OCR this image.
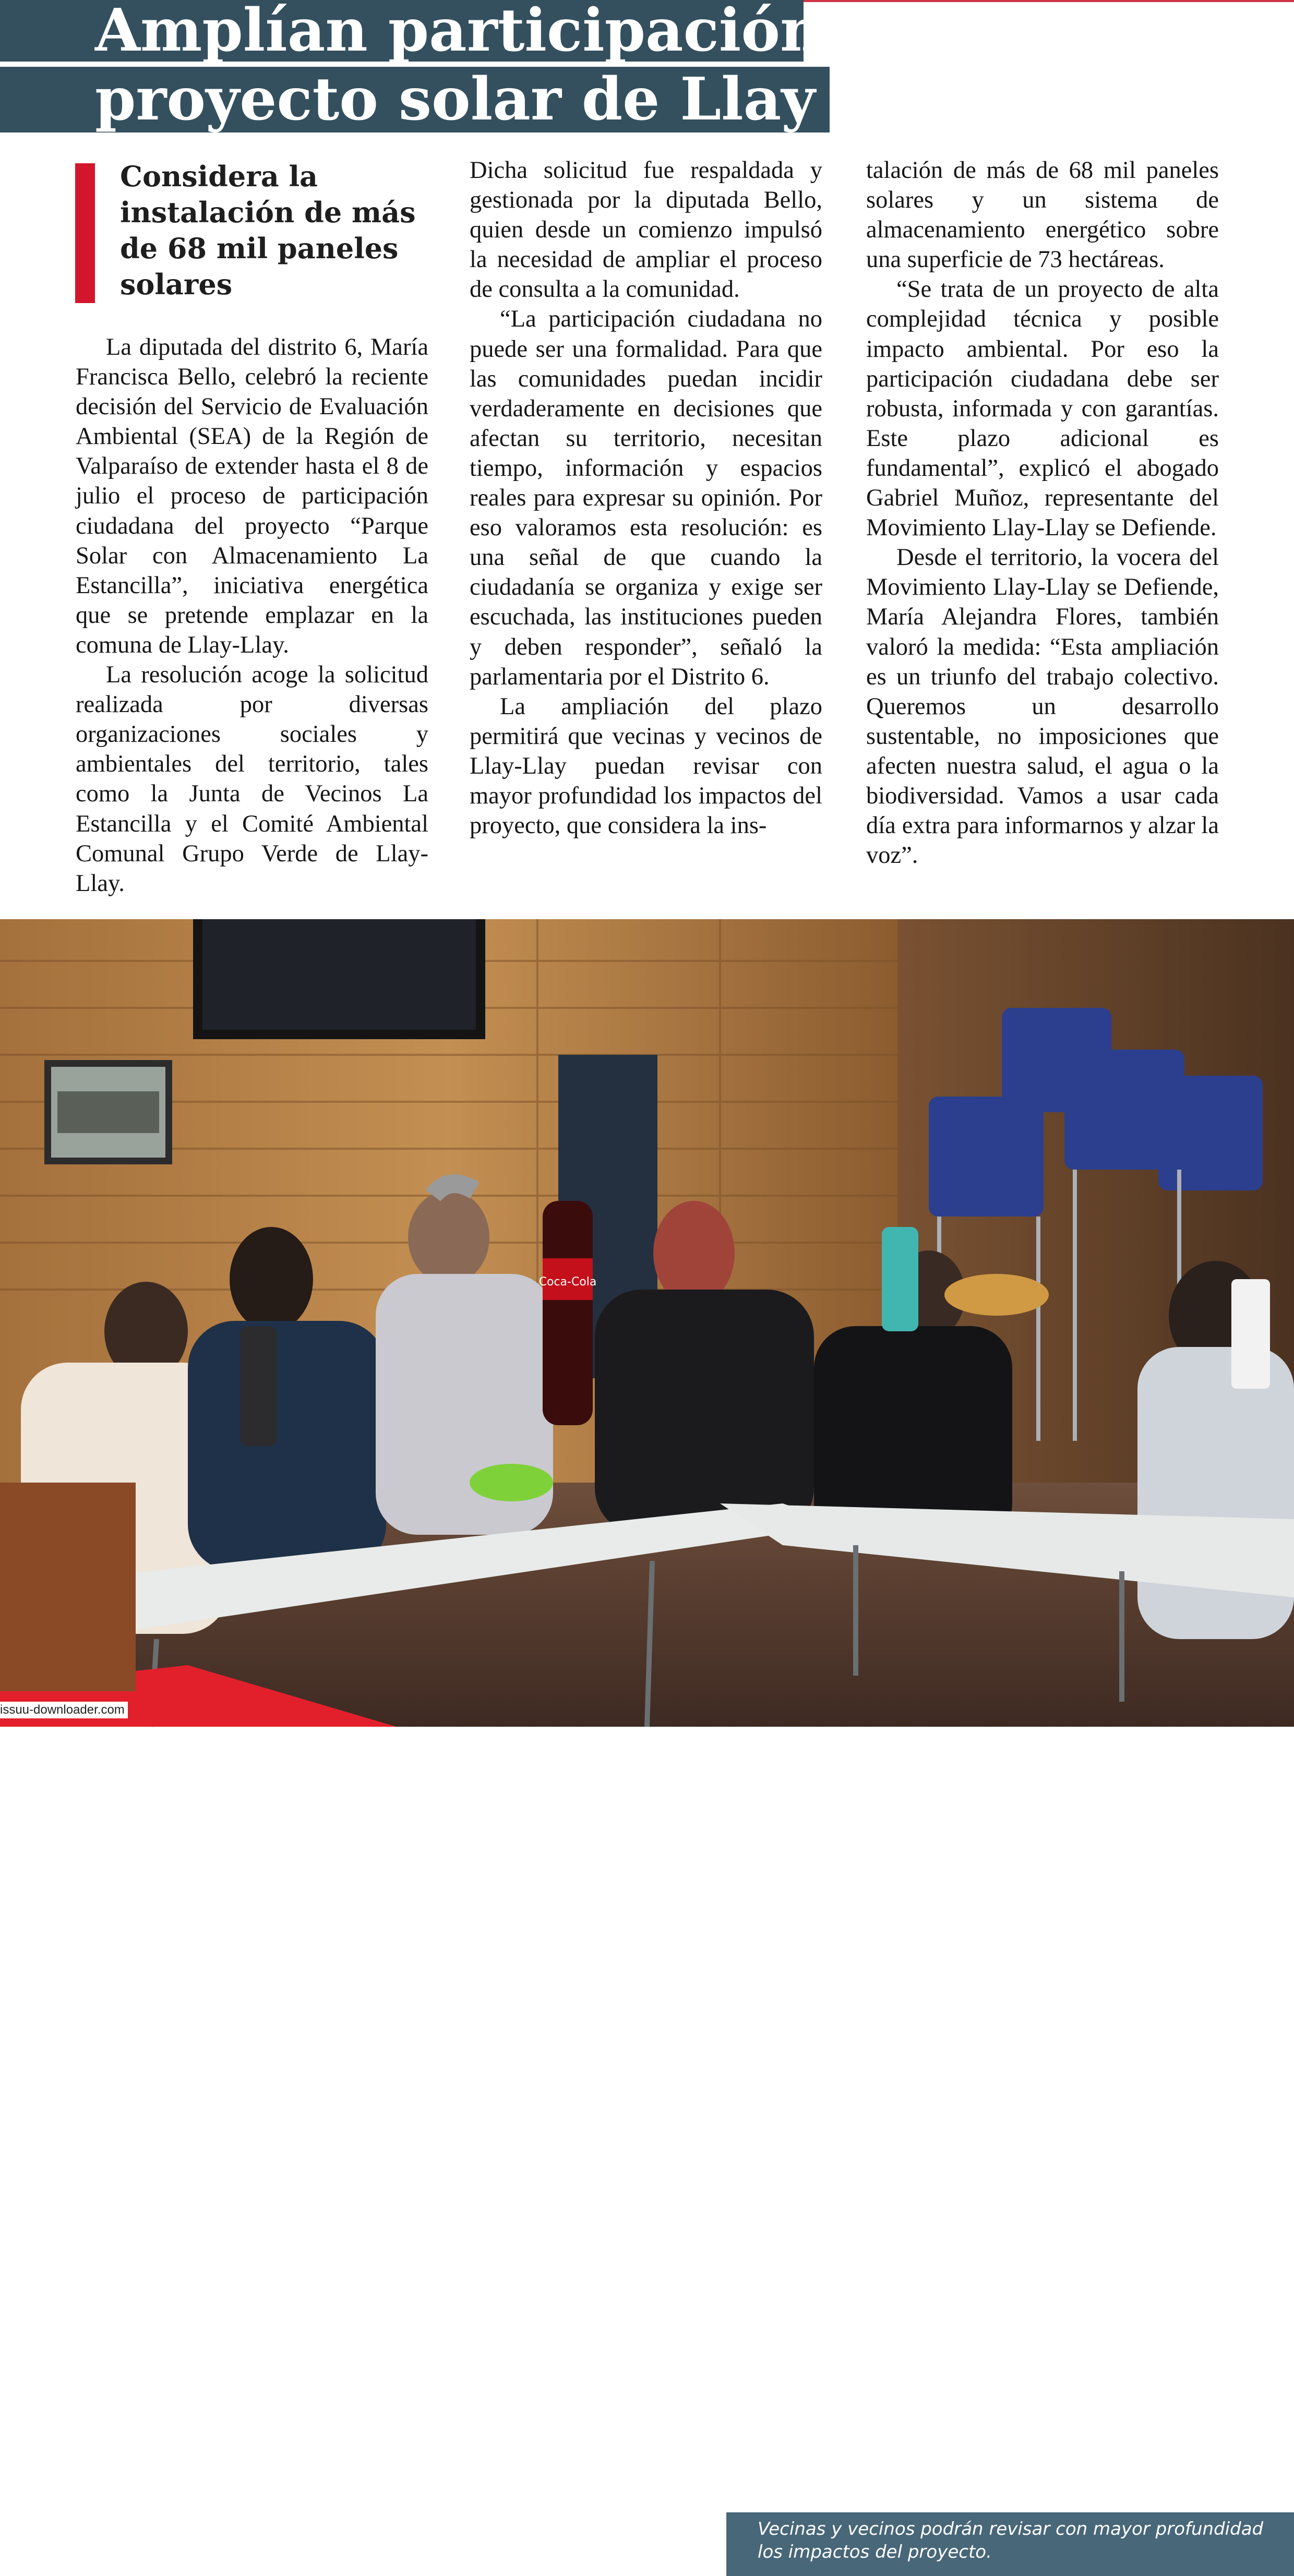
Amplían participación en
proyecto solar de Llay Llay
Considera la instalación de más de 68 mil paneles solares

La diputada del distrito 6, María Francisca Bello, celebró la reciente decisión del Servicio de Evaluación Ambiental (SEA) de la Región de Valparaíso de extender hasta el 8 de julio el proceso de participación ciudadana del proyecto “Parque Solar con Almacenamiento La Estancilla”, iniciativa energética que se pretende emplazar en la comuna de Llay-Llay.

La resolución acoge la solicitud realizada por diversas organizaciones sociales y ambientales del territorio, tales como la Junta de Vecinos La Estancilla y el Comité Ambiental Comunal Grupo Verde de Llay-Llay.

Dicha solicitud fue respaldada y gestionada por la diputada Bello, quien desde un comienzo impulsó la necesidad de ampliar el proceso de consulta a la comunidad.

“La participación ciudadana no puede ser una formalidad. Para que las comunidades puedan incidir verdaderamente en decisiones que afectan su territorio, necesitan tiempo, información y espacios reales para expresar su opinión. Por eso valoramos esta resolución: es una señal de que cuando la ciudadanía se organiza y exige ser escuchada, las instituciones pueden y deben responder”, señaló la parlamentaria por el Distrito 6.

La ampliación del plazo permitirá que vecinas y vecinos de Llay-Llay puedan revisar con mayor profundidad los impactos del proyecto, que considera la ins-

talación de más de 68 mil paneles solares y un sistema de almacenamiento energético sobre una superficie de 73 hectáreas.

“Se trata de un proyecto de alta complejidad técnica y posible impacto ambiental. Por eso la participación ciudadana debe ser robusta, informada y con garantías. Este plazo adicional es fundamental”, explicó el abogado Gabriel Muñoz, representante del Movimiento Llay-Llay se Defiende.

Desde el territorio, la vocera del Movimiento Llay-Llay se Defiende, María Alejandra Flores, también valoró la medida: “Esta ampliación es un triunfo del trabajo colectivo. Queremos un desarrollo sustentable, no imposiciones que afecten nuestra salud, el agua o la biodiversidad. Vamos a usar cada día extra para informarnos y alzar la voz”.

Coca-Cola
Vecinas y vecinos podrán revisar con mayor profundidad
los impactos del proyecto.
issuu-downloader.com
